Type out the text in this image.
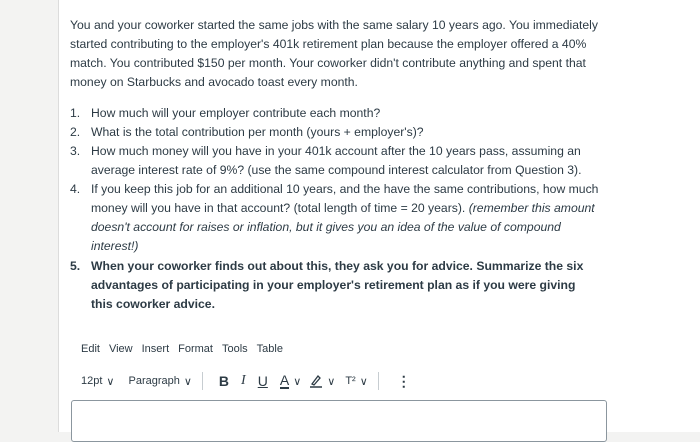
You and your coworker started the same jobs with the same salary 10 years ago. You immediately started contributing to the employer's 401k retirement plan because the employer offered a 40% match. You contributed $150 per month. Your coworker didn't contribute anything and spent that money on Starbucks and avocado toast every month.

1. How much will your employer contribute each month?
2. What is the total contribution per month (yours + employer's)?
3. How much money will you have in your 401k account after the 10 years pass, assuming an average interest rate of 9%? (use the same compound interest calculator from Question 3).
4. If you keep this job for an additional 10 years, and the have the same contributions, how much money will you have in that account? (total length of time = 20 years). (remember this amount doesn't account for raises or inflation, but it gives you an idea of the value of compound interest!)
5. When your coworker finds out about this, they ask you for advice. Summarize the six advantages of participating in your employer's retirement plan as if you were giving this coworker advice.
Edit View Insert Format Tools Table
12pt ∨ Paragraph ∨ B I U A ∨ ∨ T² ∨ ⋮
